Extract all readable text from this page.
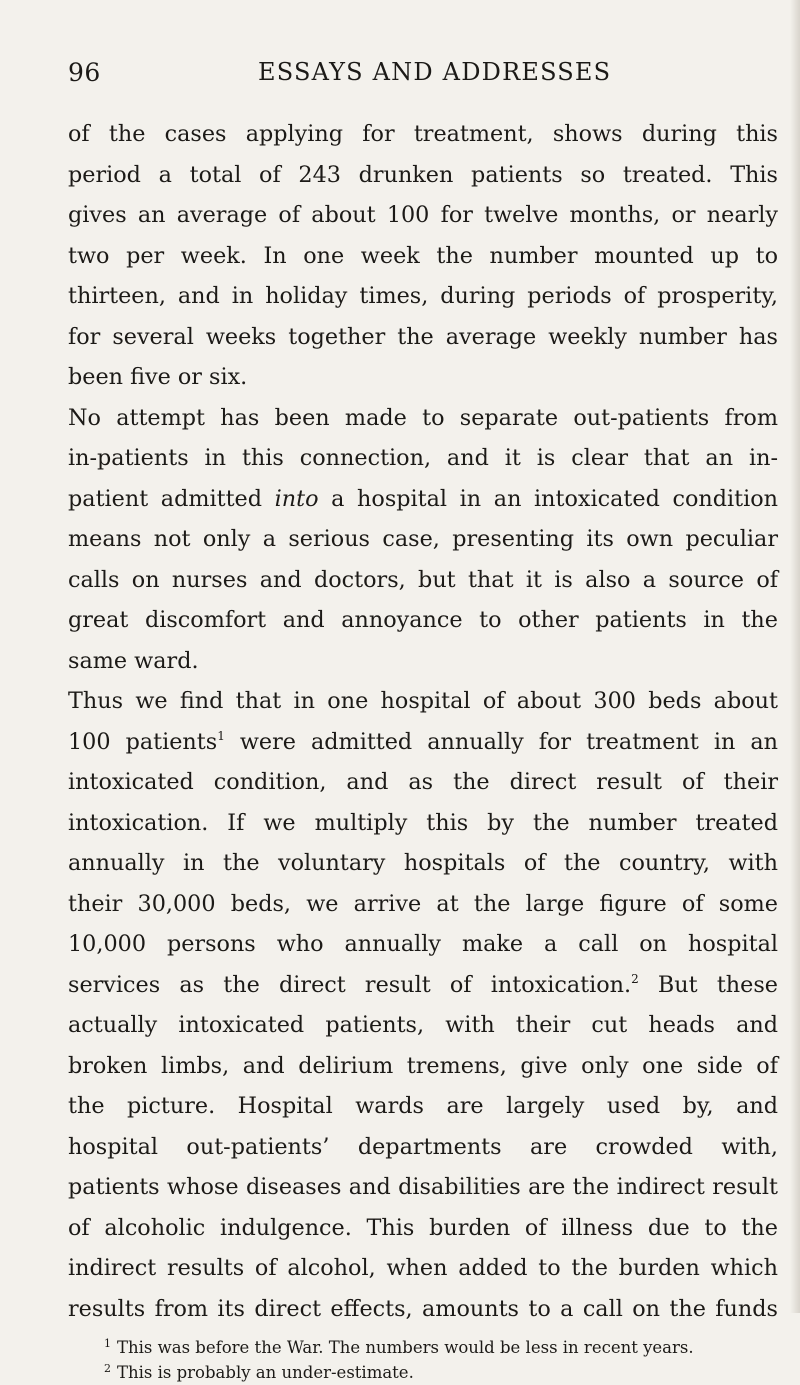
96	ESSAYS AND ADDRESSES

of the cases applying for treatment, shows during this
period a total of 243 drunken patients so treated. This
gives an average of about 100 for twelve months, or nearly
two per week. In one week the number mounted up to
thirteen, and in holiday times, during periods of prosperity,
for several weeks together the average weekly number has
been five or six.

No attempt has been made to separate out-patients from
in-patients in this connection, and it is clear that an in-
patient admitted into a hospital in an intoxicated condition
means not only a serious case, presenting its own peculiar
calls on nurses and doctors, but that it is also a source of
great discomfort and annoyance to other patients in the
same ward.

Thus we find that in one hospital of about 300 beds about
100 patients$^1$ were admitted annually for treatment in an
intoxicated condition, and as the direct result of their
intoxication. If we multiply this by the number treated
annually in the voluntary hospitals of the country, with
their 30,000 beds, we arrive at the large figure of some
10,000 persons who annually make a call on hospital
services as the direct result of intoxication.$^2$ But these
actually intoxicated patients, with their cut heads and
broken limbs, and delirium tremens, give only one side of
the picture. Hospital wards are largely used by, and
hospital out-patients’ departments are crowded with,
patients whose diseases and disabilities are the indirect result
of alcoholic indulgence. This burden of illness due to the
indirect results of alcohol, when added to the burden which
results from its direct effects, amounts to a call on the funds

$^1$ This was before the War. The numbers would be less in recent years.
$^2$ This is probably an under-estimate.
